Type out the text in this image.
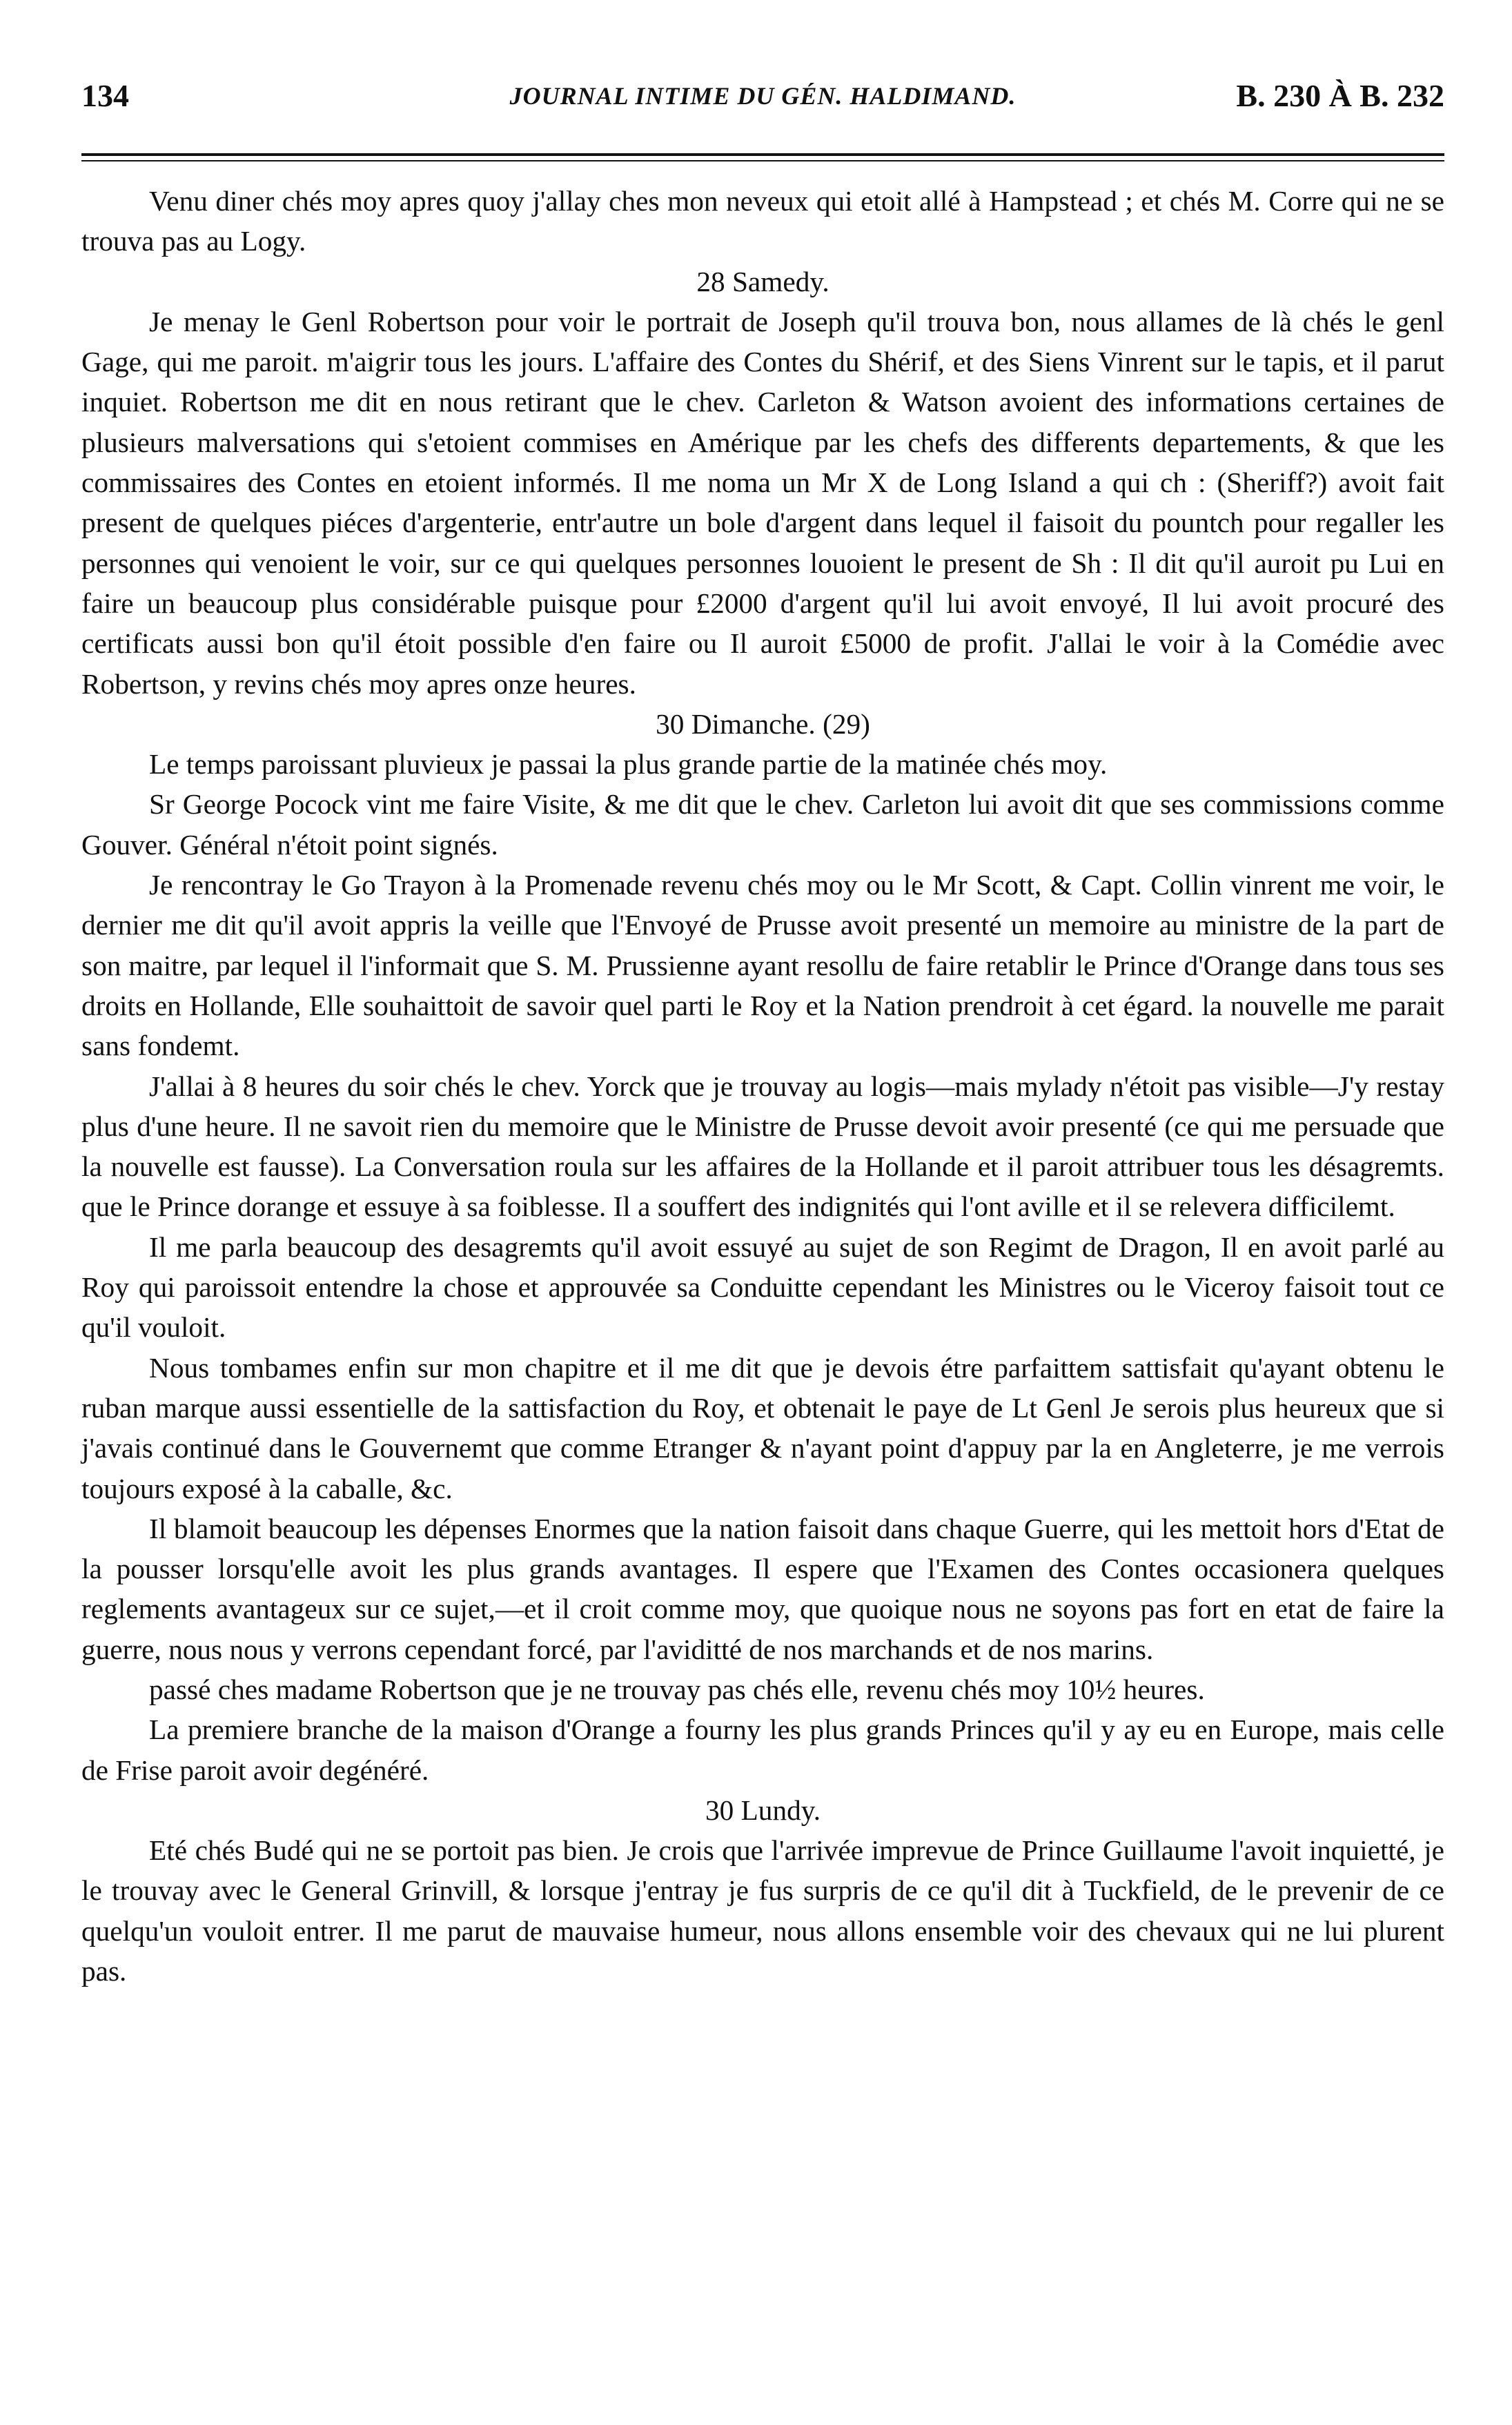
134	JOURNAL INTIME DU GÉN. HALDIMAND.	B. 230 À B. 232

Venu diner chés moy apres quoy j'allay ches mon neveux qui etoit allé à Hampstead ; et chés M. Corre qui ne se trouva pas au Logy.

28 Samedy.

Je menay le Genl Robertson pour voir le portrait de Joseph qu'il trouva bon, nous allames de là chés le genl Gage, qui me paroit. m'aigrir tous les jours. L'affaire des Contes du Shérif, et des Siens Vinrent sur le tapis, et il parut inquiet. Robertson me dit en nous retirant que le chev. Carleton & Watson avoient des informations certaines de plusieurs malversations qui s'etoient commises en Amérique par les chefs des differents departements, & que les commissaires des Contes en etoient informés. Il me noma un Mr X de Long Island a qui ch : (Sheriff?) avoit fait present de quelques piéces d'argenterie, entr'autre un bole d'argent dans lequel il faisoit du pountch pour regaller les personnes qui venoient le voir, sur ce qui quelques personnes louoient le present de Sh : Il dit qu'il auroit pu Lui en faire un beaucoup plus considérable puisque pour £2000 d'argent qu'il lui avoit envoyé, Il lui avoit procuré des certificats aussi bon qu'il étoit possible d'en faire ou Il auroit £5000 de profit. J'allai le voir à la Comédie avec Robertson, y revins chés moy apres onze heures.

30 Dimanche. (29)

Le temps paroissant pluvieux je passai la plus grande partie de la matinée chés moy.

Sr George Pocock vint me faire Visite, & me dit que le chev. Carleton lui avoit dit que ses commissions comme Gouver. Général n'étoit point signés.

Je rencontray le Go Trayon à la Promenade revenu chés moy ou le Mr Scott, & Capt. Collin vinrent me voir, le dernier me dit qu'il avoit appris la veille que l'Envoyé de Prusse avoit presenté un memoire au ministre de la part de son maitre, par lequel il l'informait que S. M. Prussienne ayant resollu de faire retablir le Prince d'Orange dans tous ses droits en Hollande, Elle souhaittoit de savoir quel parti le Roy et la Nation prendroit à cet égard. la nouvelle me parait sans fondemt.

J'allai à 8 heures du soir chés le chev. Yorck que je trouvay au logis—mais mylady n'étoit pas visible—J'y restay plus d'une heure. Il ne savoit rien du memoire que le Ministre de Prusse devoit avoir presenté (ce qui me persuade que la nouvelle est fausse). La Conversation roula sur les affaires de la Hollande et il paroit attribuer tous les désagremts. que le Prince dorange et essuye à sa foiblesse. Il a souffert des indignités qui l'ont aville et il se relevera difficilemt.

Il me parla beaucoup des desagremts qu'il avoit essuyé au sujet de son Regimt de Dragon, Il en avoit parlé au Roy qui paroissoit entendre la chose et approuvée sa Conduitte cependant les Ministres ou le Viceroy faisoit tout ce qu'il vouloit.

Nous tombames enfin sur mon chapitre et il me dit que je devois étre parfaittem sattisfait qu'ayant obtenu le ruban marque aussi essentielle de la sattisfaction du Roy, et obtenait le paye de Lt Genl Je serois plus heureux que si j'avais continué dans le Gouvernemt que comme Etranger & n'ayant point d'appuy par la en Angleterre, je me verrois toujours exposé à la caballe, &c.

Il blamoit beaucoup les dépenses Enormes que la nation faisoit dans chaque Guerre, qui les mettoit hors d'Etat de la pousser lorsqu'elle avoit les plus grands avantages. Il espere que l'Examen des Contes occasionera quelques reglements avantageux sur ce sujet,—et il croit comme moy, que quoique nous ne soyons pas fort en etat de faire la guerre, nous nous y verrons cependant forcé, par l'aviditté de nos marchands et de nos marins.

passé ches madame Robertson que je ne trouvay pas chés elle, revenu chés moy 10½ heures.

La premiere branche de la maison d'Orange a fourny les plus grands Princes qu'il y ay eu en Europe, mais celle de Frise paroit avoir degénéré.

30 Lundy.

Eté chés Budé qui ne se portoit pas bien. Je crois que l'arrivée imprevue de Prince Guillaume l'avoit inquietté, je le trouvay avec le General Grinvill, & lorsque j'entray je fus surpris de ce qu'il dit à Tuckfield, de le prevenir de ce quelqu'un vouloit entrer. Il me parut de mauvaise humeur, nous allons ensemble voir des chevaux qui ne lui plurent pas.
